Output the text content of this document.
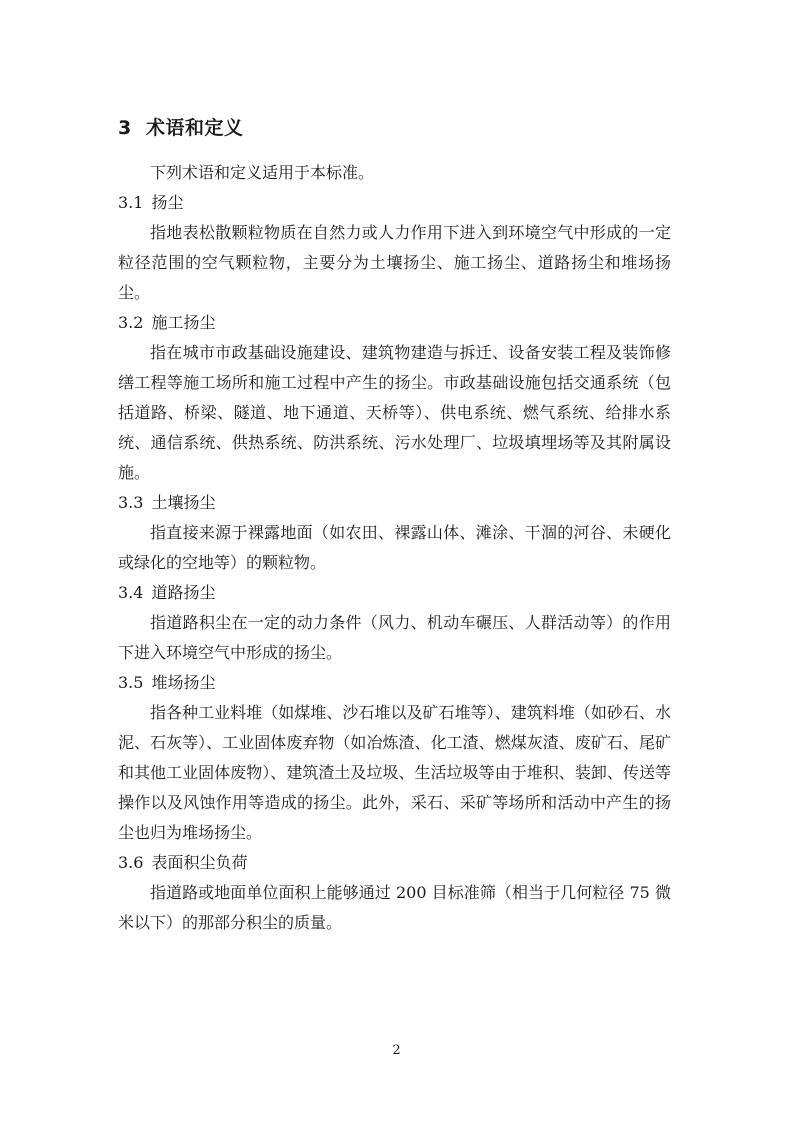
3 术语和定义

下列术语和定义适用于本标准。

3.1 扬尘

指地表松散颗粒物质在自然力或人力作用下进入到环境空气中形成的一定粒径范围的空气颗粒物，主要分为土壤扬尘、施工扬尘、道路扬尘和堆场扬尘。

3.2 施工扬尘

指在城市市政基础设施建设、建筑物建造与拆迁、设备安装工程及装饰修缮工程等施工场所和施工过程中产生的扬尘。市政基础设施包括交通系统（包括道路、桥梁、隧道、地下通道、天桥等）、供电系统、燃气系统、给排水系统、通信系统、供热系统、防洪系统、污水处理厂、垃圾填埋场等及其附属设施。

3.3 土壤扬尘

指直接来源于裸露地面（如农田、裸露山体、滩涂、干涸的河谷、未硬化或绿化的空地等）的颗粒物。

3.4 道路扬尘

指道路积尘在一定的动力条件（风力、机动车碾压、人群活动等）的作用下进入环境空气中形成的扬尘。

3.5 堆场扬尘

指各种工业料堆（如煤堆、沙石堆以及矿石堆等）、建筑料堆（如砂石、水泥、石灰等）、工业固体废弃物（如冶炼渣、化工渣、燃煤灰渣、废矿石、尾矿和其他工业固体废物）、建筑渣土及垃圾、生活垃圾等由于堆积、装卸、传送等操作以及风蚀作用等造成的扬尘。此外，采石、采矿等场所和活动中产生的扬尘也归为堆场扬尘。

3.6 表面积尘负荷

指道路或地面单位面积上能够通过 200 目标准筛（相当于几何粒径 75 微米以下）的那部分积尘的质量。

2
